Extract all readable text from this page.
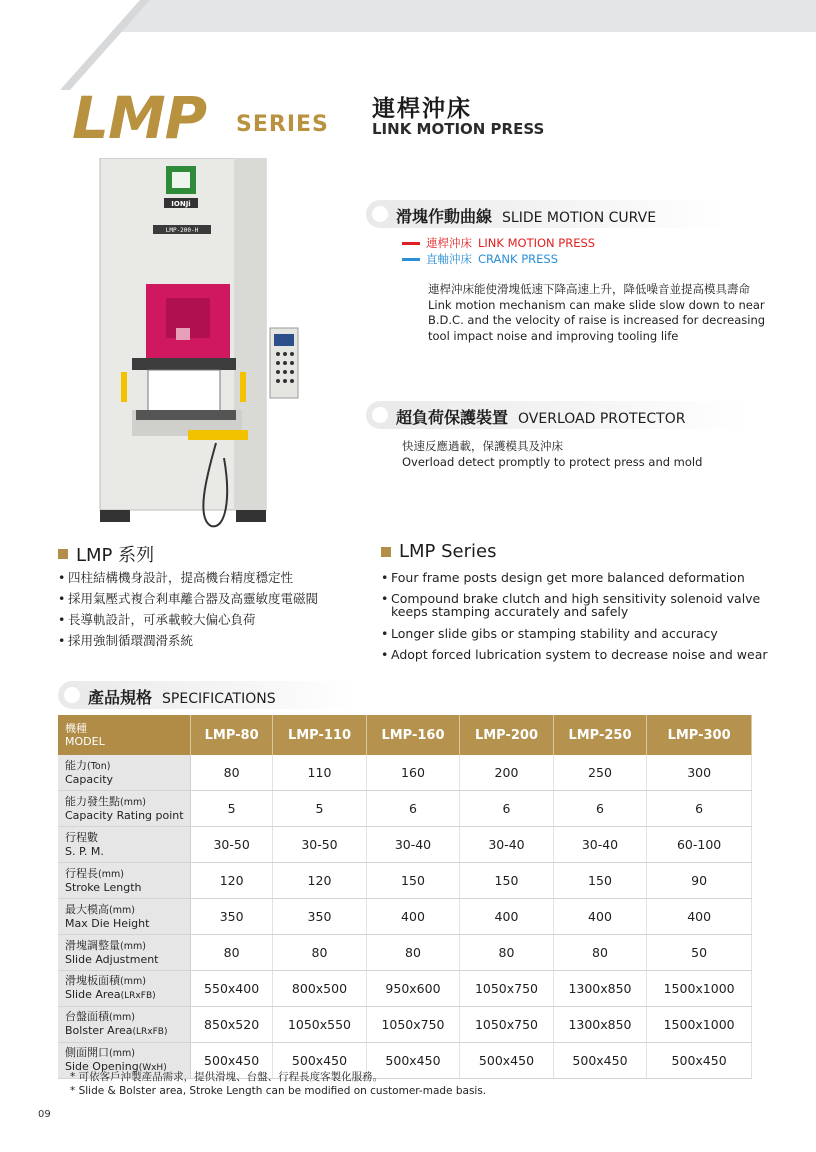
LMP SERIES
連桿沖床
LINK MOTION PRESS
IONJi
LMP-200-H
滑塊作動曲線 SLIDE MOTION CURVE
連桿沖床 LINK MOTION PRESS
直軸沖床 CRANK PRESS
連桿沖床能使滑塊低速下降高速上升，降低噪音並提高模具壽命
Link motion mechanism can make slide slow down to near
B.D.C. and the velocity of raise is increased for decreasing
tool impact noise and improving tooling life
超負荷保護裝置 OVERLOAD PROTECTOR
快速反應過載，保護模具及沖床
Overload detect promptly to protect press and mold
LMP 系列
• 四柱結構機身設計，提高機台精度穩定性
• 採用氣壓式複合剎車離合器及高靈敏度電磁閥
• 長導軌設計，可承載較大偏心負荷
• 採用強制循環潤滑系統
LMP Series
• Four frame posts design get more balanced deformation
• Compound brake clutch and high sensitivity solenoid valve
keeps stamping accurately and safely
• Longer slide gibs or stamping stability and accuracy
• Adopt forced lubrication system to decrease noise and wear
產品規格 SPECIFICATIONS
機種
MODEL	LMP-80	LMP-110	LMP-160	LMP-200	LMP-250	LMP-300

能力(Ton)
Capacity	80	110	160	200	250	300

能力發生點(mm)
Capacity Rating point	5	5	6	6	6	6

行程數
S. P. M.	30-50	30-50	30-40	30-40	30-40	60-100

行程長(mm)
Stroke Length	120	120	150	150	150	90

最大模高(mm)
Max Die Height	350	350	400	400	400	400

滑塊調整量(mm)
Slide Adjustment	80	80	80	80	80	50

滑塊板面積(mm)
Slide Area(LRxFB)	550x400	800x500	950x600	1050x750	1300x850	1500x1000

台盤面積(mm)
Bolster Area(LRxFB)	850x520	1050x550	1050x750	1050x750	1300x850	1500x1000

側面開口(mm)
Side Opening(WxH)	500x450	500x450	500x450	500x450	500x450	500x450
* 可依客戶沖製產品需求，提供滑塊、台盤、行程長度客製化服務。
* Slide & Bolster area, Stroke Length can be modified on customer-made basis.
09
